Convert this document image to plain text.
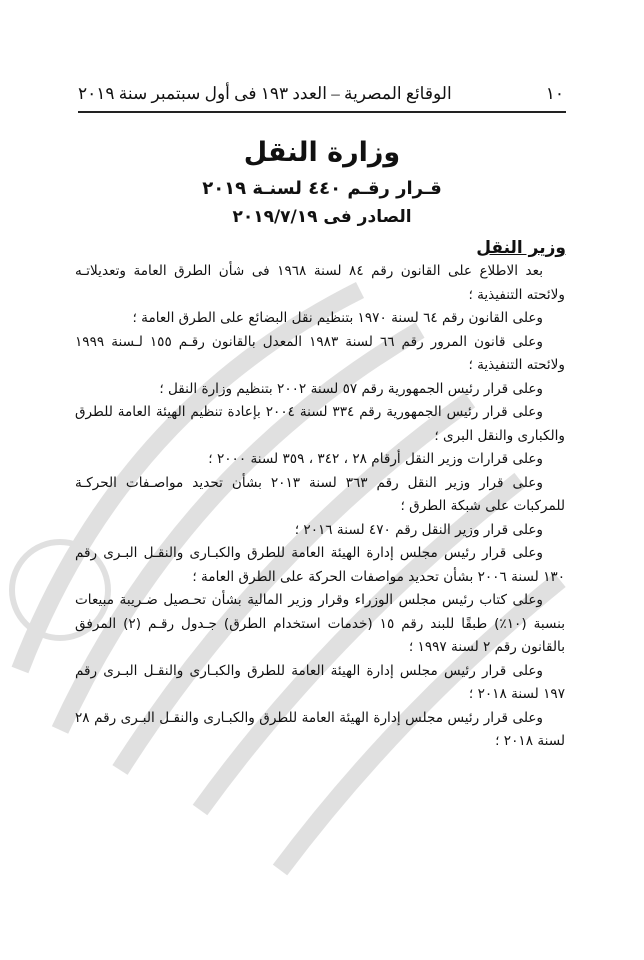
١٠
الوقائع المصرية – العدد ١٩٣ فى أول سبتمبر سنة ٢٠١٩
وزارة النقل
قـرار رقـم ٤٤٠ لسنـة ٢٠١٩
الصادر فى ٢٠١٩/٧/١٩
وزير النقل

بعد الاطلاع على القانون رقم ٨٤ لسنة ١٩٦٨ فى شأن الطرق العامة وتعديلاتـه ولائحته التنفيذية ؛

وعلى القانون رقم ٦٤ لسنة ١٩٧٠ بتنظيم نقل البضائع على الطرق العامة ؛

وعلى قانون المرور رقم ٦٦ لسنة ١٩٨٣ المعدل بالقانون رقـم ١٥٥ لـسنة ١٩٩٩ ولائحته التنفيذية ؛

وعلى قرار رئيس الجمهورية رقم ٥٧ لسنة ٢٠٠٢ بتنظيم وزارة النقل ؛

وعلى قرار رئيس الجمهورية رقم ٣٣٤ لسنة ٢٠٠٤ بإعادة تنظيم الهيئة العامة للطرق والكبارى والنقل البرى ؛

وعلى قرارات وزير النقل أرقام ٢٨ ، ٣٤٢ ، ٣٥٩ لسنة ٢٠٠٠ ؛

وعلى قرار وزير النقل رقم ٣٦٣ لسنة ٢٠١٣ بشأن تحديد مواصـفات الحركـة للمركبات على شبكة الطرق ؛

وعلى قرار وزير النقل رقم ٤٧٠ لسنة ٢٠١٦ ؛

وعلى قرار رئيس مجلس إدارة الهيئة العامة للطرق والكبـارى والنقـل البـرى رقم ١٣٠ لسنة ٢٠٠٦ بشأن تحديد مواصفات الحركة على الطرق العامة ؛

وعلى كتاب رئيس مجلس الوزراء وقرار وزير المالية بشأن تحـصيل ضـريبة مبيعات بنسبة (١٠٪) طبقًا للبند رقم ١٥ (خدمات استخدام الطرق) جـدول رقـم (٢) المرفق بالقانون رقم ٢ لسنة ١٩٩٧ ؛

وعلى قرار رئيس مجلس إدارة الهيئة العامة للطرق والكبـارى والنقـل البـرى رقم ١٩٧ لسنة ٢٠١٨ ؛

وعلى قرار رئيس مجلس إدارة الهيئة العامة للطرق والكبـارى والنقـل البـرى رقم ٢٨ لسنة ٢٠١٨ ؛
